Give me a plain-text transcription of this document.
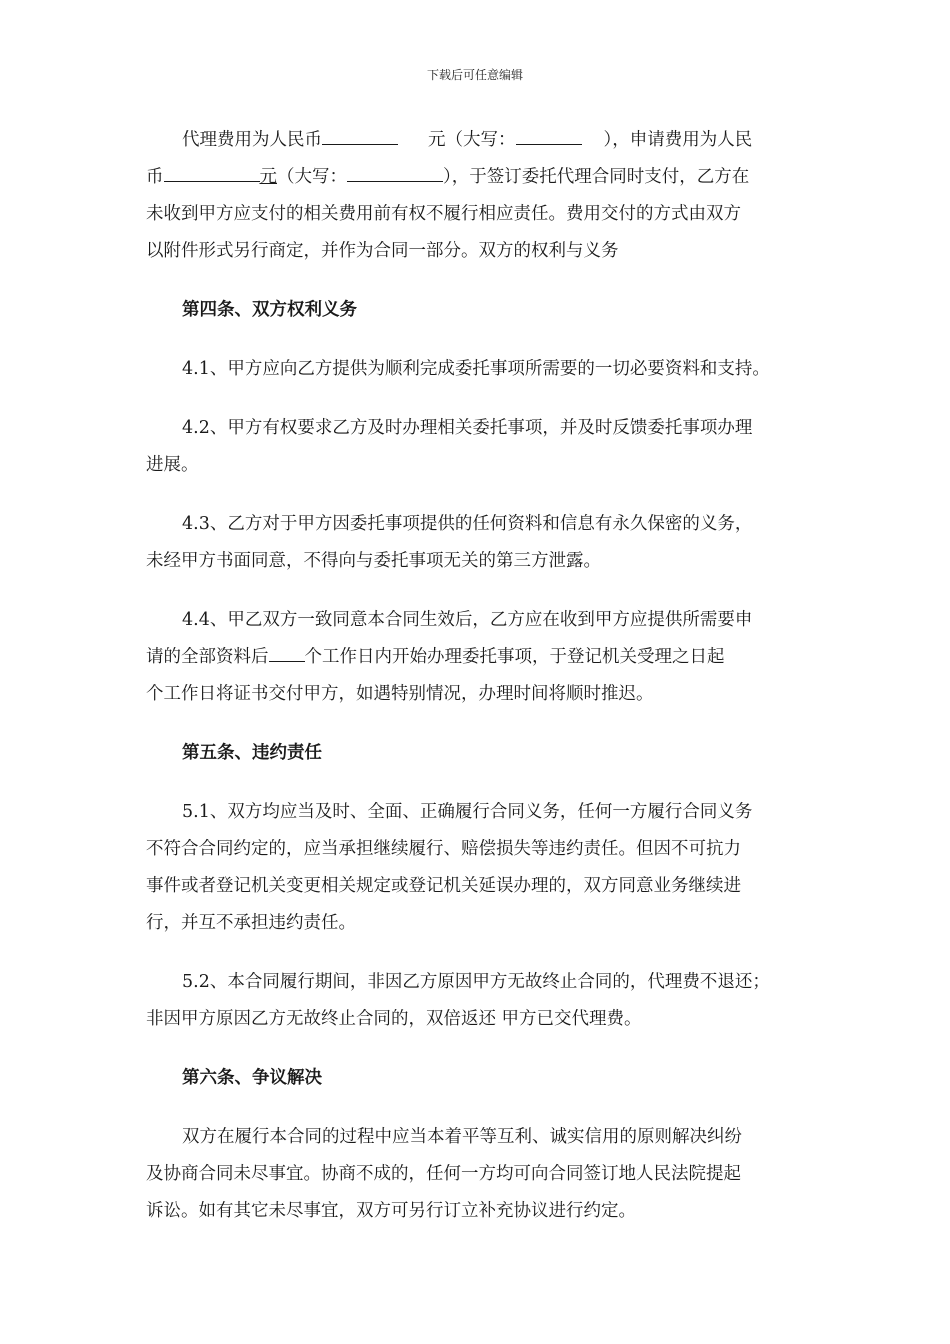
下载后可任意编辑

代理费用为人民币	元（大写：	），申请费用为人民
币	元（大写：	），于签订委托代理合同时支付，乙方在
未收到甲方应支付的相关费用前有权不履行相应责任。费用交付的方式由双方
以附件形式另行商定，并作为合同一部分。双方的权利与义务

第四条、双方权利义务

4.1、甲方应向乙方提供为顺利完成委托事项所需要的一切必要资料和支持。

4.2、甲方有权要求乙方及时办理相关委托事项，并及时反馈委托事项办理
进展。

4.3、乙方对于甲方因委托事项提供的任何资料和信息有永久保密的义务，
未经甲方书面同意，不得向与委托事项无关的第三方泄露。

4.4、甲乙双方一致同意本合同生效后，乙方应在收到甲方应提供所需要申
请的全部资料后 个工作日内开始办理委托事项，于登记机关受理之日起
个工作日将证书交付甲方，如遇特别情况，办理时间将顺时推迟。

第五条、违约责任

5.1、双方均应当及时、全面、正确履行合同义务，任何一方履行合同义务
不符合合同约定的，应当承担继续履行、赔偿损失等违约责任。但因不可抗力
事件或者登记机关变更相关规定或登记机关延误办理的，双方同意业务继续进
行，并互不承担违约责任。

5.2、本合同履行期间，非因乙方原因甲方无故终止合同的，代理费不退还；
非因甲方原因乙方无故终止合同的，双倍返还 甲方已交代理费。

第六条、争议解决

双方在履行本合同的过程中应当本着平等互利、诚实信用的原则解决纠纷
及协商合同未尽事宜。协商不成的，任何一方均可向合同签订地人民法院提起
诉讼。如有其它未尽事宜，双方可另行订立补充协议进行约定。
